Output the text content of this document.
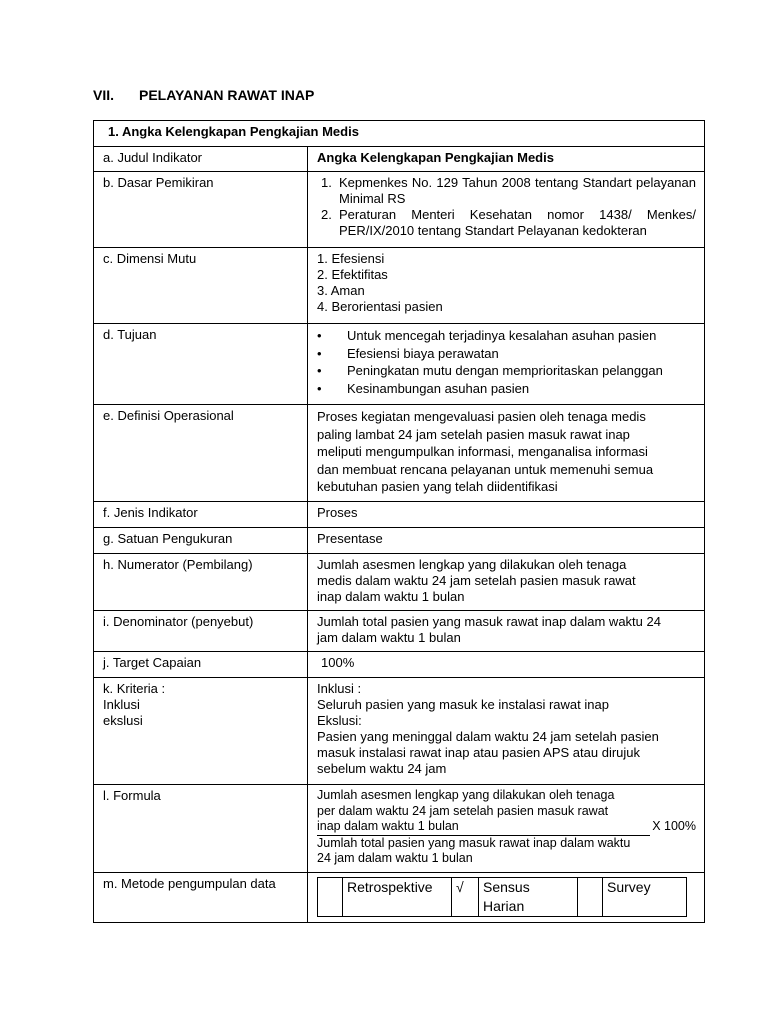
VII. PELAYANAN RAWAT INAP
1. Angka Kelengkapan Pengkajian Medis
a. Judul Indikator	Angka Kelengkapan Pengkajian Medis
b. Dasar Pemikiran	1. Kepmenkes No. 129 Tahun 2008 tentang Standart pelayanan Minimal RS
2. Peraturan Menteri Kesehatan nomor 1438/ Menkes/ PER/IX/2010 tentang Standart Pelayanan kedokteran

c. Dimensi Mutu	1. Efesiensi
2. Efektifitas
3. Aman
4. Berorientasi pasien

d. Tujuan	•	Untuk mencegah terjadinya kesalahan asuhan pasien
•	Efesiensi biaya perawatan
•	Peningkatan mutu dengan memprioritaskan pelanggan
•	Kesinambungan asuhan pasien

e. Definisi Operasional	Proses kegiatan mengevaluasi pasien oleh tenaga medis
paling lambat 24 jam setelah pasien masuk rawat inap
meliputi mengumpulkan informasi, menganalisa informasi
dan membuat rencana pelayanan untuk memenuhi semua
kebutuhan pasien yang telah diidentifikasi

f. Jenis Indikator	Proses
g. Satuan Pengukuran	Presentase
h. Numerator (Pembilang)	Jumlah asesmen lengkap yang dilakukan oleh tenaga
medis dalam waktu 24 jam setelah pasien masuk rawat
inap dalam waktu 1 bulan

i. Denominator (penyebut)	Jumlah total pasien yang masuk rawat inap dalam waktu 24
jam dalam waktu 1 bulan

j. Target Capaian	100%

k. Kriteria :
Inklusi
ekslusi

Inklusi :
Seluruh pasien yang masuk ke instalasi rawat inap
Ekslusi:
Pasien yang meninggal dalam waktu 24 jam setelah pasien
masuk instalasi rawat inap atau pasien APS atau dirujuk
sebelum waktu 24 jam

l. Formula	Jumlah asesmen lengkap yang dilakukan oleh tenaga
per dalam waktu 24 jam setelah pasien masuk rawat
inap dalam waktu 1 bulan	X 100%
Jumlah total pasien yang masuk rawat inap dalam waktu
24 jam dalam waktu 1 bulan

m. Metode pengumpulan data	
		Retrospektive	√	Sensus Harian		Survey
